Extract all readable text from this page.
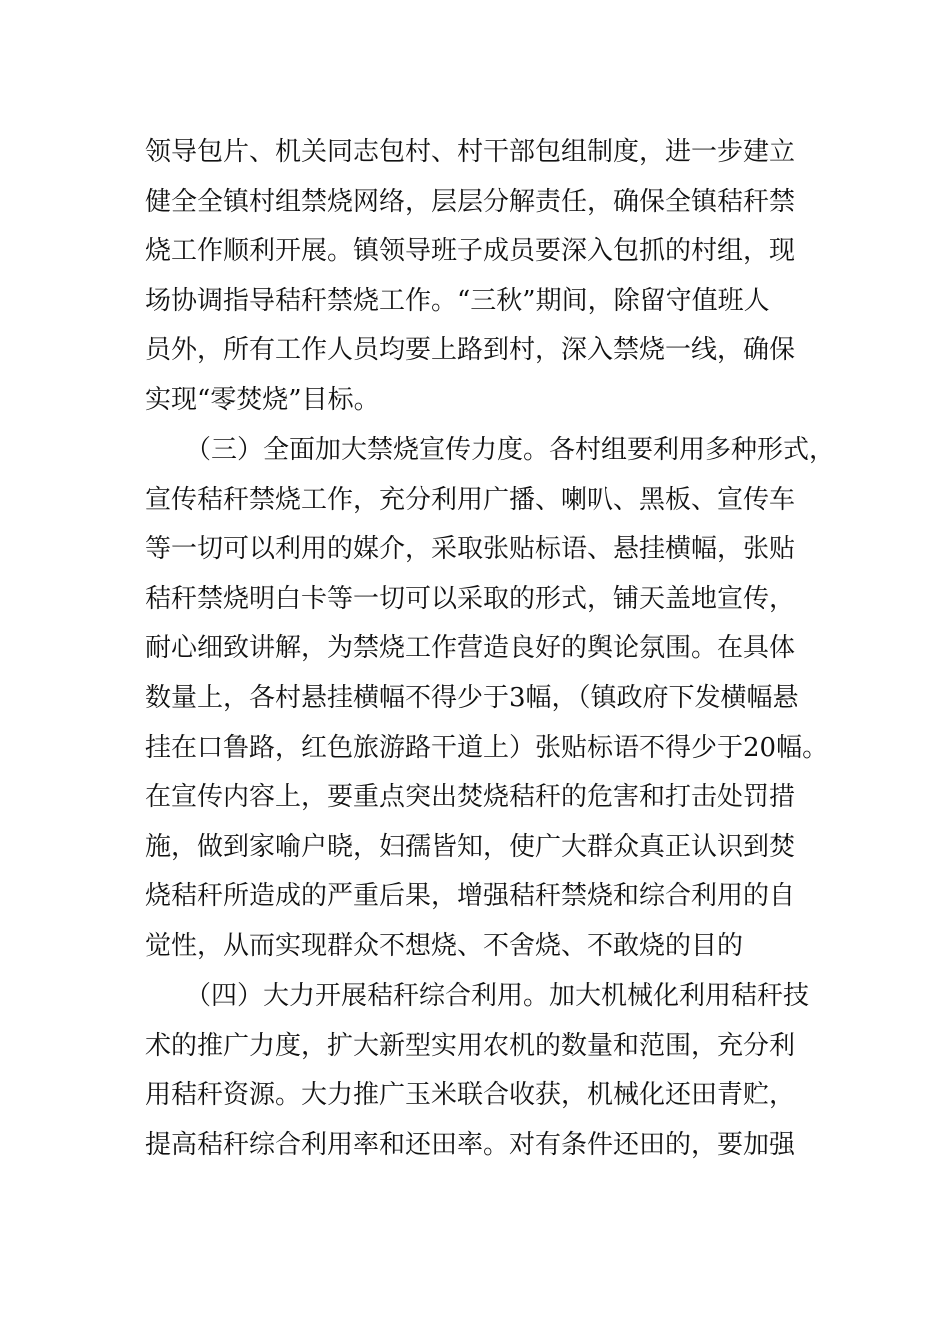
领导包片、机关同志包村、村干部包组制度，进一步建立

健全全镇村组禁烧网络，层层分解责任，确保全镇秸秆禁

烧工作顺利开展。镇领导班子成员要深入包抓的村组，现

场协调指导秸秆禁烧工作。“三秋”期间，除留守值班人

员外，所有工作人员均要上路到村，深入禁烧一线，确保

实现“零焚烧”目标。

（三）全面加大禁烧宣传力度。各村组要利用多种形式，

宣传秸秆禁烧工作，充分利用广播、喇叭、黑板、宣传车

等一切可以利用的媒介，采取张贴标语、悬挂横幅，张贴

秸秆禁烧明白卡等一切可以采取的形式，铺天盖地宣传，

耐心细致讲解，为禁烧工作营造良好的舆论氛围。在具体

数量上，各村悬挂横幅不得少于3幅，（镇政府下发横幅悬

挂在口鲁路，红色旅游路干道上）张贴标语不得少于20幅。

在宣传内容上，要重点突出焚烧秸秆的危害和打击处罚措

施，做到家喻户晓，妇孺皆知，使广大群众真正认识到焚

烧秸秆所造成的严重后果，增强秸秆禁烧和综合利用的自

觉性，从而实现群众不想烧、不舍烧、不敢烧的目的

（四）大力开展秸秆综合利用。加大机械化利用秸秆技

术的推广力度，扩大新型实用农机的数量和范围，充分利

用秸秆资源。大力推广玉米联合收获，机械化还田青贮，

提高秸秆综合利用率和还田率。对有条件还田的，要加强
